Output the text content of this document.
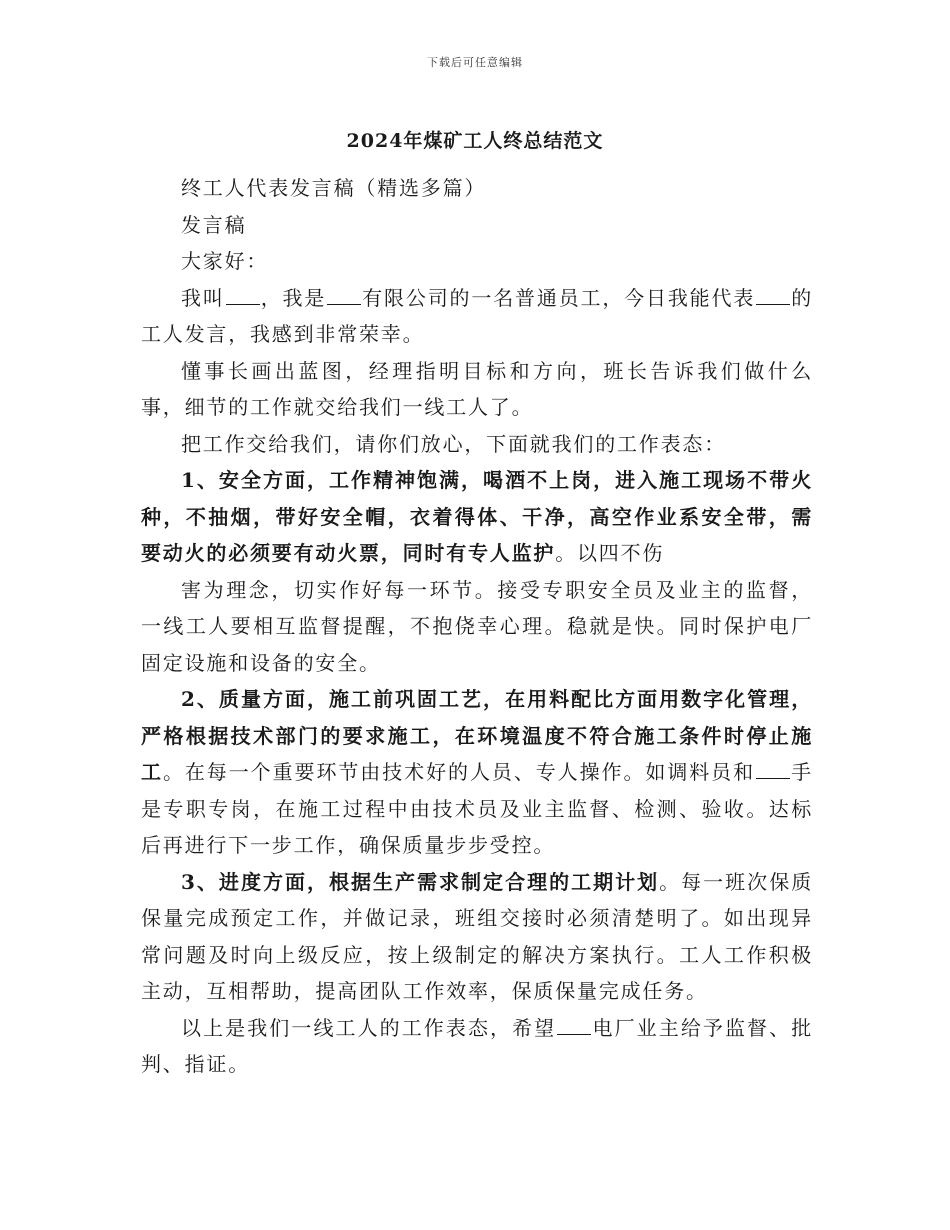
下载后可任意编辑
2024年煤矿工人终总结范文

终工人代表发言稿（精选多篇）

发言稿

大家好：

我叫 ，我是 有限公司的一名普通员工，今日我能代表 的工人发言，我感到非常荣幸。

懂事长画出蓝图，经理指明目标和方向，班长告诉我们做什么事，细节的工作就交给我们一线工人了。

把工作交给我们，请你们放心，下面就我们的工作表态：

1、安全方面，工作精神饱满，喝酒不上岗，进入施工现场不带火种，不抽烟，带好安全帽，衣着得体、干净，高空作业系安全带，需要动火的必须要有动火票，同时有专人监护。以四不伤

害为理念，切实作好每一环节。接受专职安全员及业主的监督，一线工人要相互监督提醒，不抱侥幸心理。稳就是快。同时保护电厂固定设施和设备的安全。

2、质量方面，施工前巩固工艺，在用料配比方面用数字化管理，严格根据技术部门的要求施工，在环境温度不符合施工条件时停止施工。在每一个重要环节由技术好的人员、专人操作。如调料员和 手是专职专岗，在施工过程中由技术员及业主监督、检测、验收。达标后再进行下一步工作，确保质量步步受控。

3、进度方面，根据生产需求制定合理的工期计划。每一班次保质保量完成预定工作，并做记录，班组交接时必须清楚明了。如出现异常问题及时向上级反应，按上级制定的解决方案执行。工人工作积极主动，互相帮助，提高团队工作效率，保质保量完成任务。

以上是我们一线工人的工作表态，希望 电厂业主给予监督、批判、指证。
